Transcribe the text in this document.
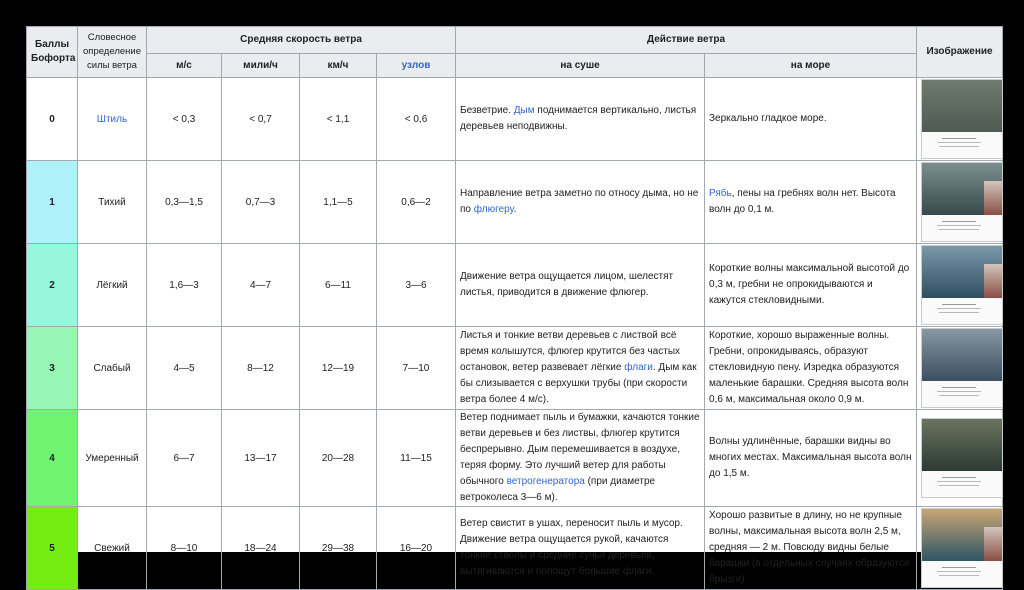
Баллы Бофорта	Словесное определение силы ветра	Средняя скорость ветра				Действие ветра		Изображение
		м/с	мили/ч	км/ч	узлов	на суше	на море	
0	Штиль	< 0,3	< 0,7	< 1,1	< 0,6	Безветрие. Дым поднимается вертикально, листья деревьев неподвижны.	Зеркально гладкое море.	

1	Тихий	0,3—1,5	0,7—3	1,1—5	0,6—2	Направление ветра заметно по относу дыма, но не по флюгеру.	Рябь, пены на гребнях волн нет. Высота волн до 0,1 м.	

2	Лёгкий	1,6—3	4—7	6—11	3—6	Движение ветра ощущается лицом, шелестят листья, приводится в движение флюгер.	Короткие волны максимальной высотой до 0,3 м, гребни не опрокидываются и кажутся стекловидными.	

3	Слабый	4—5	8—12	12—19	7—10	Листья и тонкие ветви деревьев с листвой всё время колышутся, флюгер крутится без частых остановок, ветер развевает лёгкие флаги. Дым как бы слизывается с верхушки трубы (при скорости ветра более 4 м/с).	Короткие, хорошо выраженные волны. Гребни, опрокидываясь, образуют стекловидную пену. Изредка образуются маленькие барашки. Средняя высота волн 0,6 м, максимальная около 0,9 м.	

4	Умеренный	6—7	13—17	20—28	11—15	Ветер поднимает пыль и бумажки, качаются тонкие ветви деревьев и без листвы, флюгер крутится беспрерывно. Дым перемешивается в воздухе, теряя форму. Это лучший ветер для работы обычного ветрогенератора (при диаметре ветроколеса 3—6 м).	Волны удлинённые, барашки видны во многих местах. Максимальная высота волн до 1,5 м.	

5	Свежий	8—10	18—24	29—38	16—20	Ветер свистит в ушах, переносит пыль и мусор. Движение ветра ощущается рукой, качаются тонкие стволы и средние сучья деревьев, вытягиваются и полощут большие флаги.	Хорошо развитые в длину, но не крупные волны, максимальная высота волн 2,5 м, средняя — 2 м. Повсюду видны белые барашки (в отдельных случаях образуются брызги).	
